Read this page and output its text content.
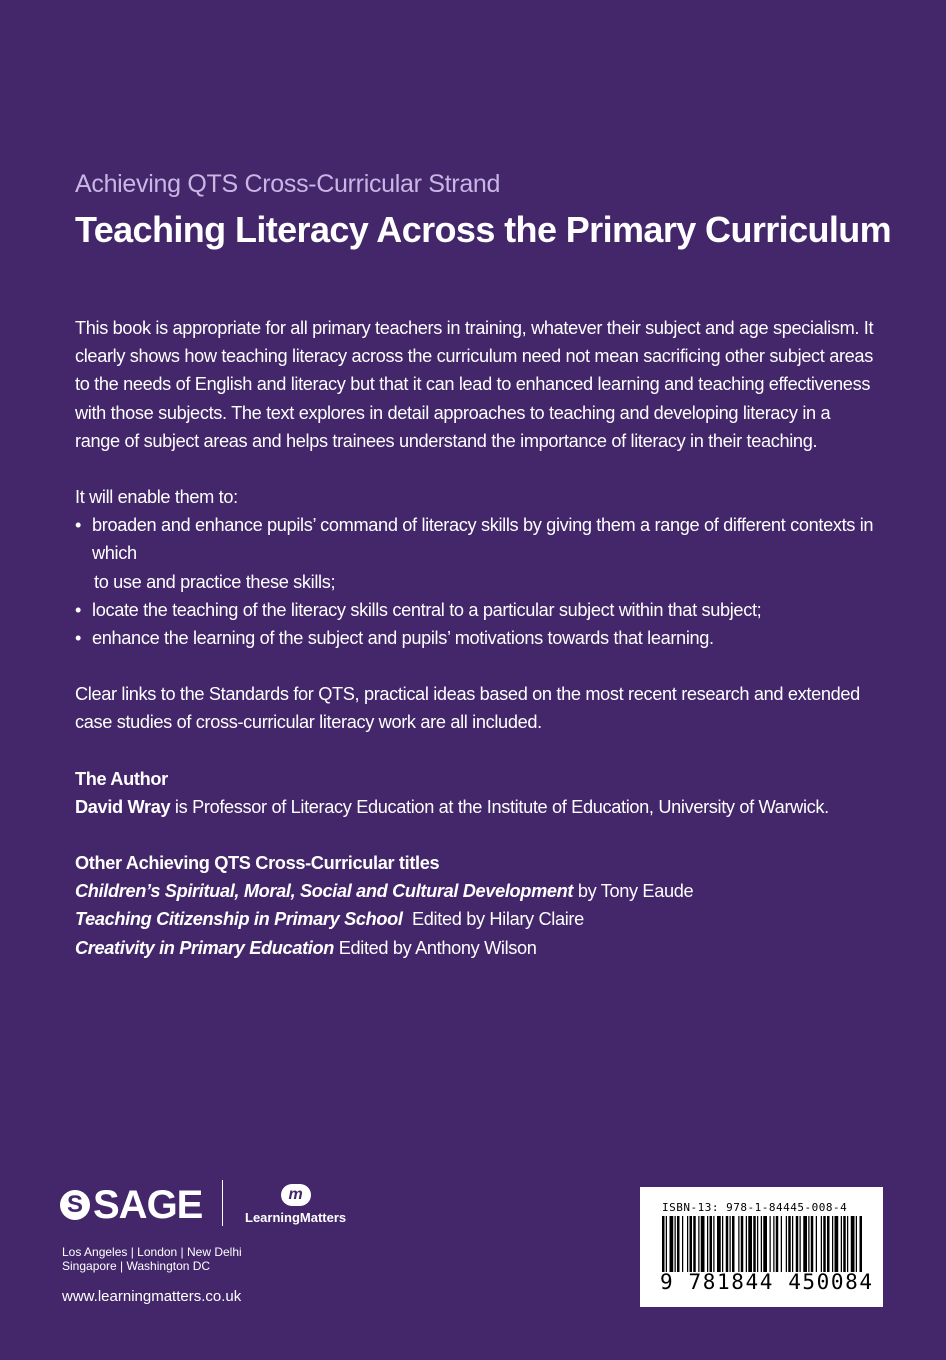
Achieving QTS Cross-Curricular Strand
Teaching Literacy Across the Primary Curriculum

This book is appropriate for all primary teachers in training, whatever their subject and age specialism. It clearly shows how teaching literacy across the curriculum need not mean sacrificing other subject areas to the needs of English and literacy but that it can lead to enhanced learning and teaching effectiveness with those subjects. The text explores in detail approaches to teaching and developing literacy in a range of subject areas and helps trainees understand the importance of literacy in their teaching.

It will enable them to:

• broaden and enhance pupils’ command of literacy skills by giving them a range of different contexts in which
to use and practice these skills;
• locate the teaching of the literacy skills central to a particular subject within that subject;
• enhance the learning of the subject and pupils’ motivations towards that learning.

Clear links to the Standards for QTS, practical ideas based on the most recent research and extended case studies of cross-curricular literacy work are all included.

The Author

David Wray is Professor of Literacy Education at the Institute of Education, University of Warwick.

Other Achieving QTS Cross-Curricular titles

Children’s Spiritual, Moral, Social and Cultural Development by Tony Eaude

Teaching Citizenship in Primary School  Edited by Hilary Claire

Creativity in Primary Education Edited by Anthony Wilson

S SAGE	m
LearningMatters
Los Angeles | London | New Delhi
Singapore | Washington DC
www.learningmatters.co.uk
ISBN-13: 978-1-84445-008-4
9 781844 450084
